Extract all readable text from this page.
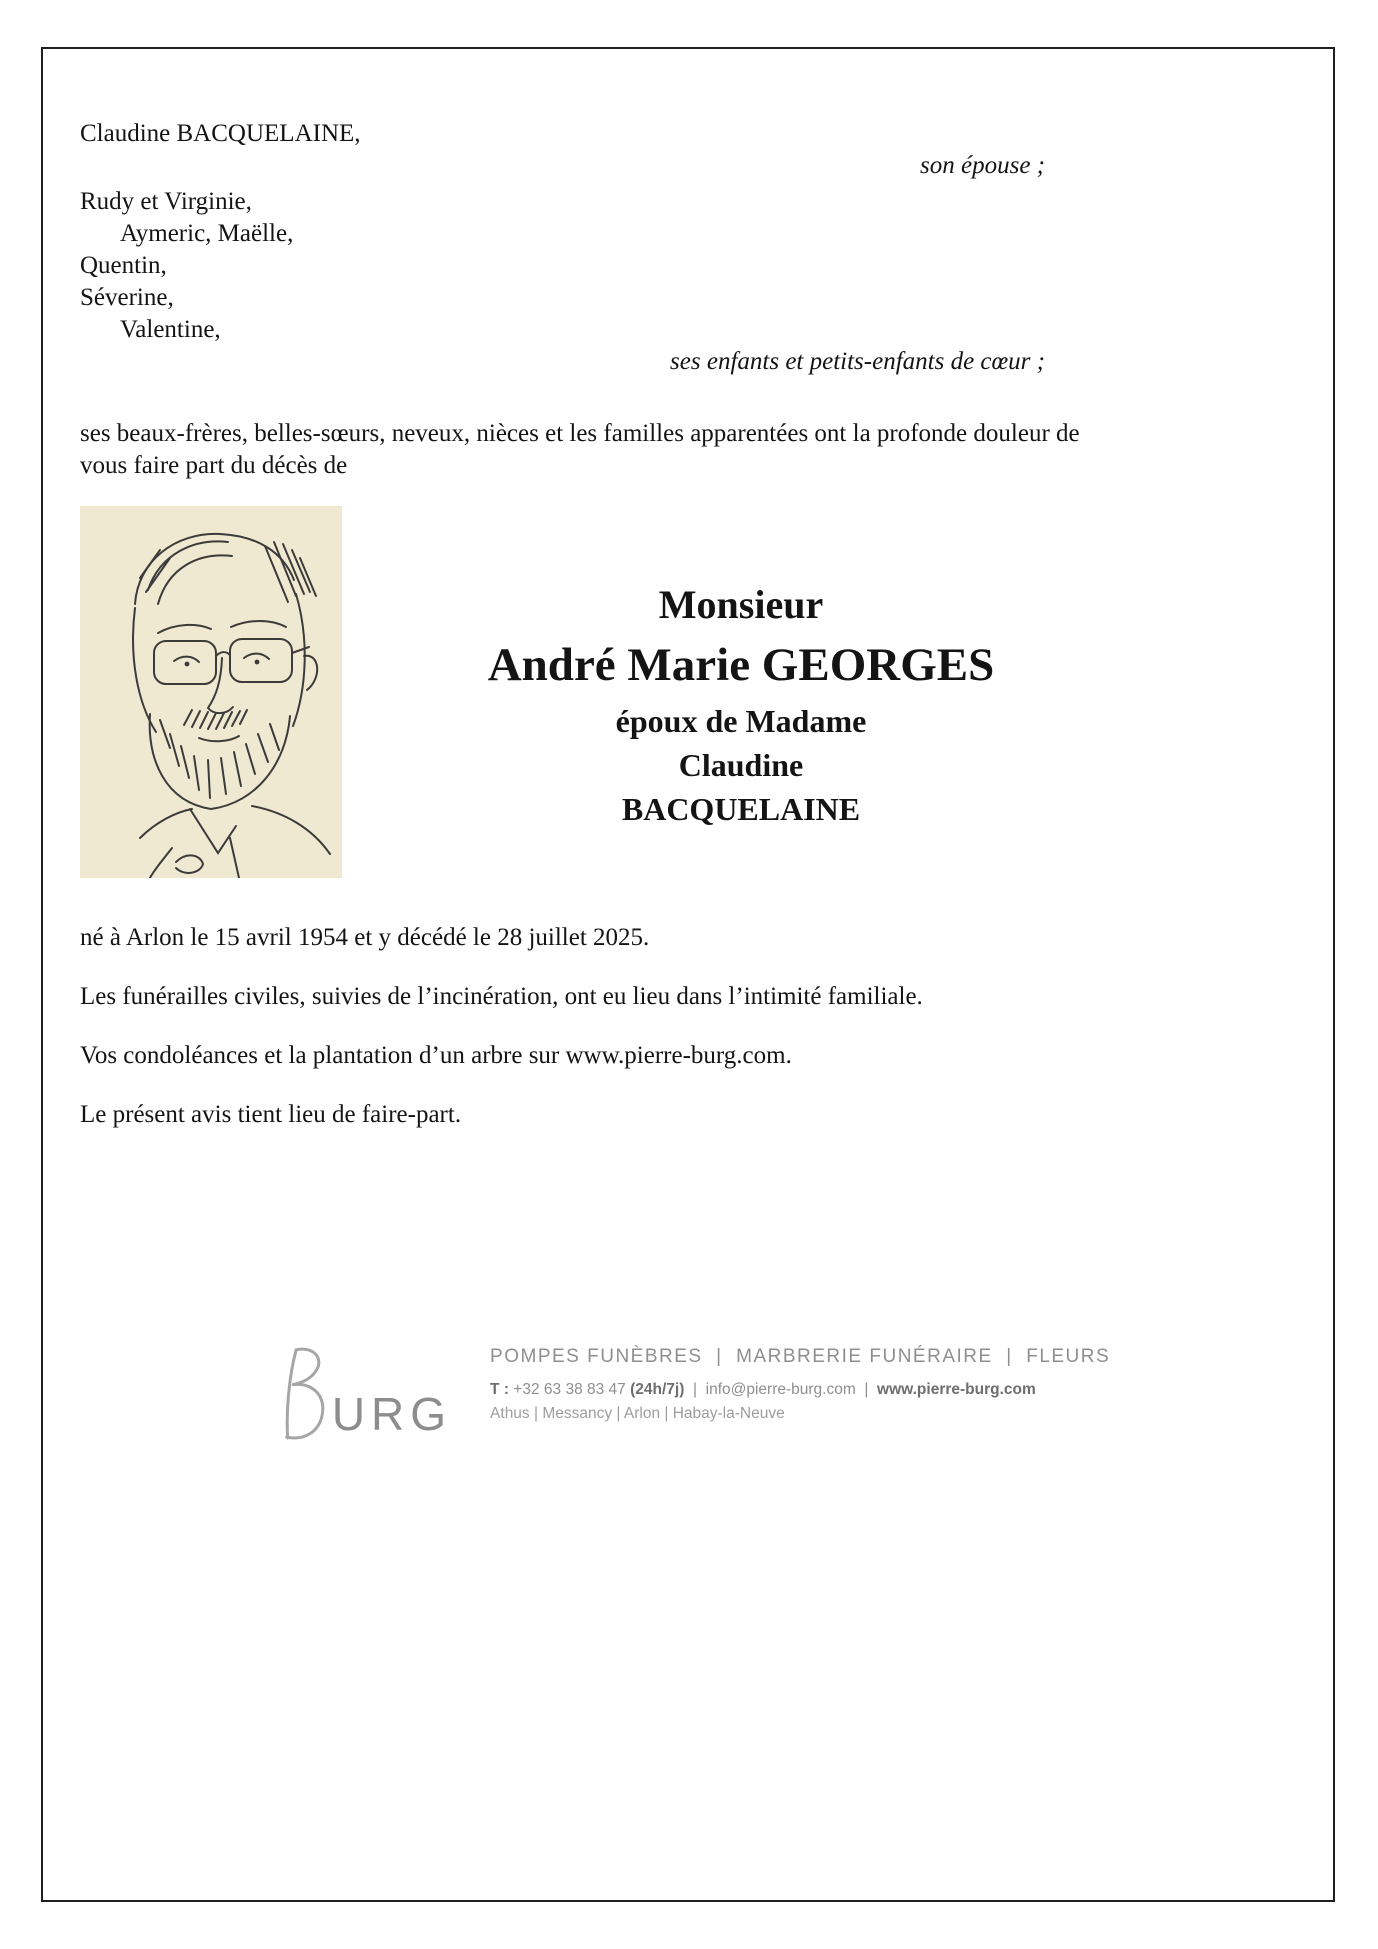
Claudine BACQUELAINE,
son épouse ;
Rudy et Virginie,
Aymeric, Maëlle,
Quentin,
Séverine,
Valentine,
ses enfants et petits-enfants de cœur ;
ses beaux-frères, belles-sœurs, neveux, nièces et les familles apparentées ont la profonde douleur de vous faire part du décès de
Monsieur
André Marie GEORGES
époux de Madame
Claudine
BACQUELAINE
né à Arlon le 15 avril 1954 et y décédé le 28 juillet 2025.
Les funérailles civiles, suivies de l’incinération, ont eu lieu dans l’intimité familiale.
Vos condoléances et la plantation d’un arbre sur www.pierre-burg.com.
Le présent avis tient lieu de faire-part.
URG
POMPES FUNÈBRES  |  MARBRERIE FUNÉRAIRE  |  FLEURS
T : +32 63 38 83 47 (24h/7j)  |  info@pierre-burg.com  |  www.pierre-burg.com
Athus | Messancy | Arlon | Habay-la-Neuve
